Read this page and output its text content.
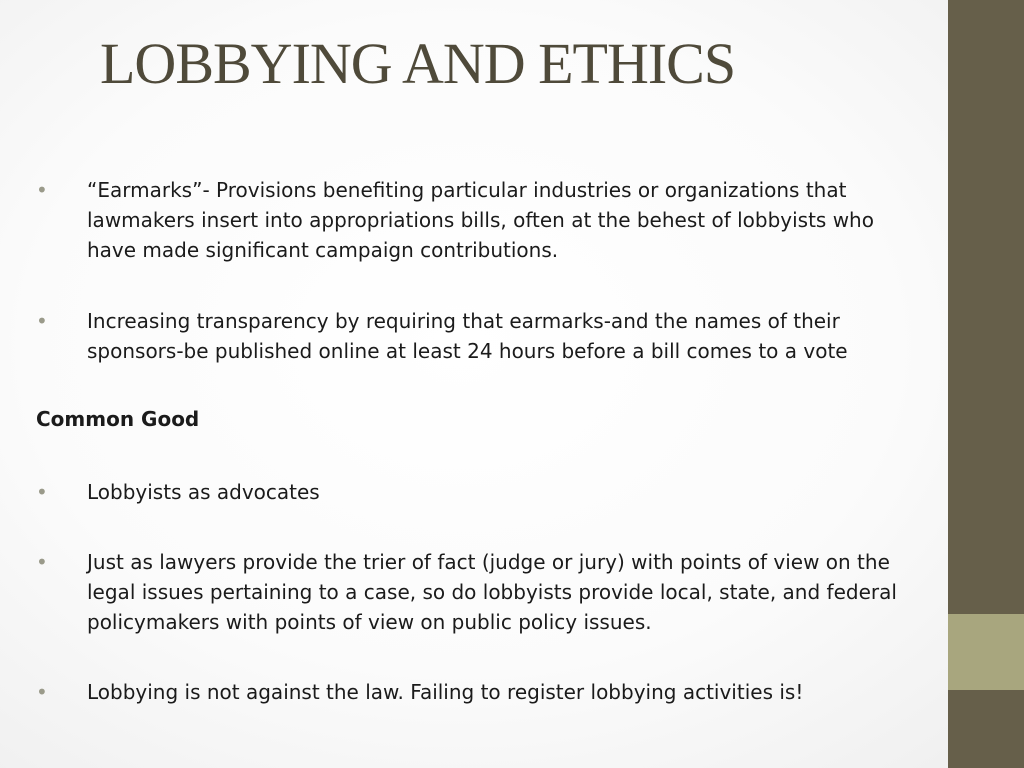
LOBBYING AND ETHICS
• “Earmarks”- Provisions benefiting particular industries or organizations that
lawmakers insert into appropriations bills, often at the behest of lobbyists who
have made significant campaign contributions.
• Increasing transparency by requiring that earmarks-and the names of their
sponsors-be published online at least 24 hours before a bill comes to a vote
Common Good
• Lobbyists as advocates
• Just as lawyers provide the trier of fact (judge or jury) with points of view on the
legal issues pertaining to a case, so do lobbyists provide local, state, and federal
policymakers with points of view on public policy issues.
• Lobbying is not against the law. Failing to register lobbying activities is!
